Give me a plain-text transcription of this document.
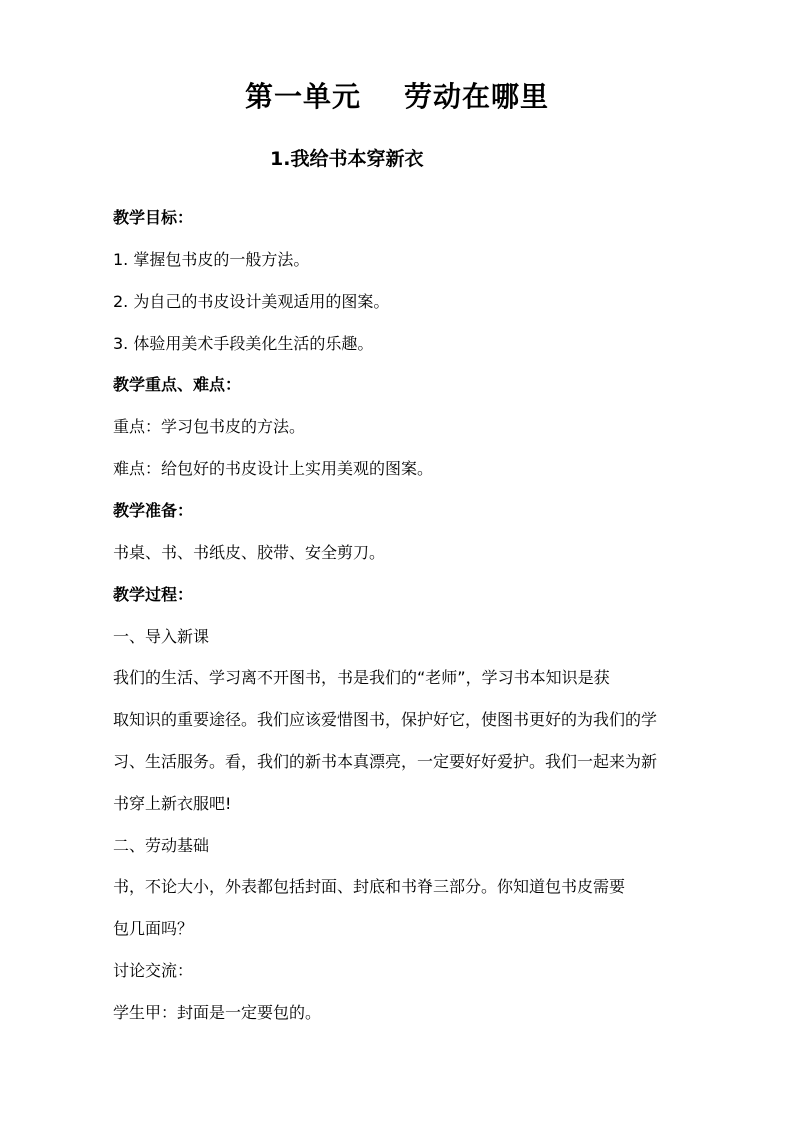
第一单元    劳动在哪里
1.我给书本穿新衣
教学目标：
1. 掌握包书皮的一般方法。
2. 为自己的书皮设计美观适用的图案。
3. 体验用美术手段美化生活的乐趣。
教学重点、难点：
重点：学习包书皮的方法。
难点：给包好的书皮设计上实用美观的图案。
教学准备：
书桌、书、书纸皮、胶带、安全剪刀。
教学过程：
一、导入新课
我们的生活、学习离不开图书，书是我们的“老师”，学习书本知识是获
取知识的重要途径。我们应该爱惜图书，保护好它，使图书更好的为我们的学
习、生活服务。看，我们的新书本真漂亮，一定要好好爱护。我们一起来为新
书穿上新衣服吧!
二、劳动基础
书，不论大小，外表都包括封面、封底和书脊三部分。你知道包书皮需要
包几面吗？
讨论交流：
学生甲：封面是一定要包的。
